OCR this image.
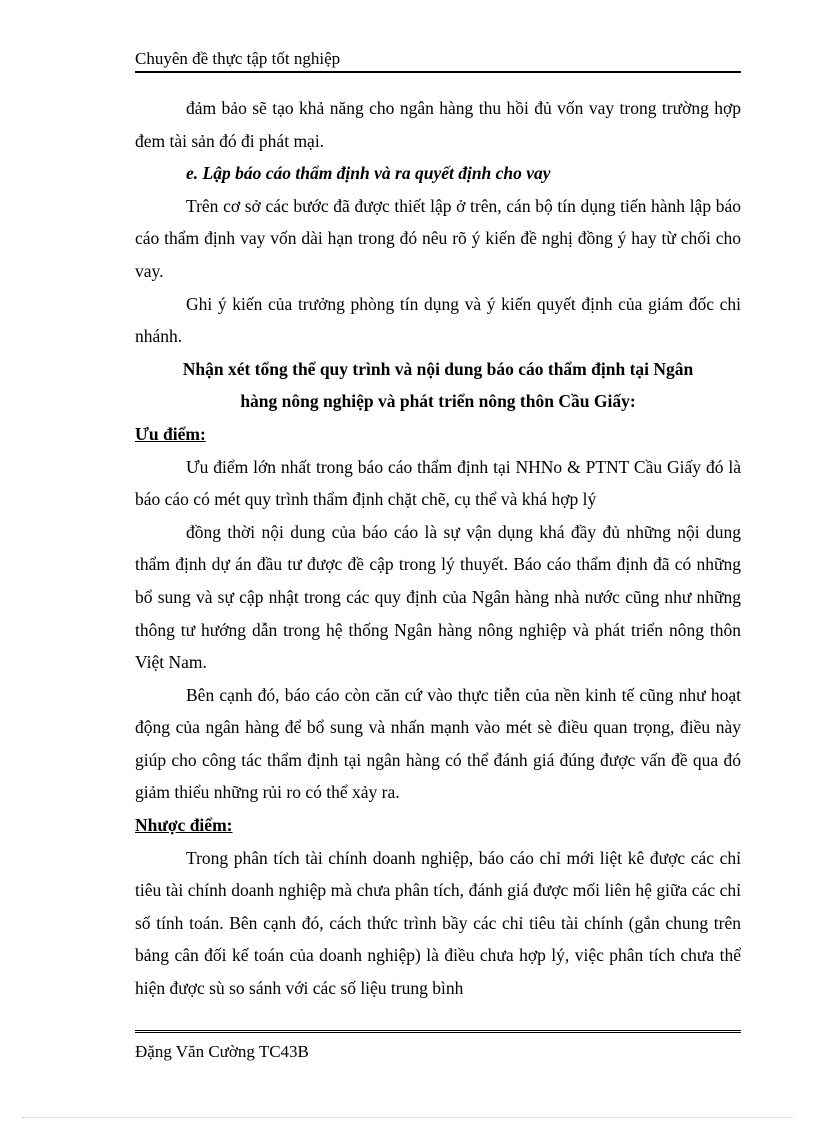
Chuyên đề thực tập tốt nghiệp

đảm bảo sẽ tạo khả năng cho ngân hàng thu hồi đủ vốn vay trong trường hợp đem tài sản đó đi phát mại.

e. Lập báo cáo thẩm định và ra quyết định cho vay

Trên cơ sở các bước đã được thiết lập ở trên, cán bộ tín dụng tiến hành lập báo cáo thẩm định vay vốn dài hạn trong đó nêu rõ ý kiến đề nghị đồng ý hay từ chối cho vay.

Ghi ý kiến của trưởng phòng tín dụng và ý kiến quyết định của giám đốc chi nhánh.

Nhận xét tổng thể quy trình và nội dung báo cáo thẩm định tại Ngân

hàng nông nghiệp và phát triển nông thôn Cầu Giấy:

Ưu điểm:

Ưu điểm lớn nhất trong báo cáo thẩm định tại NHNo & PTNT Cầu Giấy đó là báo cáo có mét quy trình thẩm định chặt chẽ, cụ thể và khá hợp lý

đồng thời nội dung của báo cáo là sự vận dụng khá đầy đủ những nội dung thẩm định dự án đầu tư được đề cập trong lý thuyết. Báo cáo thẩm định đã có những bổ sung và sự cập nhật trong các quy định của Ngân hàng nhà nước cũng như những thông tư hướng dẫn trong hệ thống Ngân hàng nông nghiệp và phát triển nông thôn Việt Nam.

Bên cạnh đó, báo cáo còn căn cứ vào thực tiễn của nền kinh tế cũng như hoạt động của ngân hàng để bổ sung và nhấn mạnh vào mét sè điều quan trọng, điều này giúp cho công tác thẩm định tại ngân hàng có thể đánh giá đúng được vấn đề qua đó giảm thiểu những rủi ro có thể xảy ra.

Nhược điểm:

Trong phân tích tài chính doanh nghiệp, báo cáo chỉ mới liệt kê được các chỉ tiêu tài chính doanh nghiệp mà chưa phân tích, đánh giá được mối liên hệ giữa các chỉ số tính toán. Bên cạnh đó, cách thức trình bầy các chỉ tiêu tài chính (gắn chung trên bảng cân đối kế toán của doanh nghiệp) là điều chưa hợp lý, việc phân tích chưa thể hiện được sù so sánh với các số liệu trung bình

Đặng Văn Cường TC43B
